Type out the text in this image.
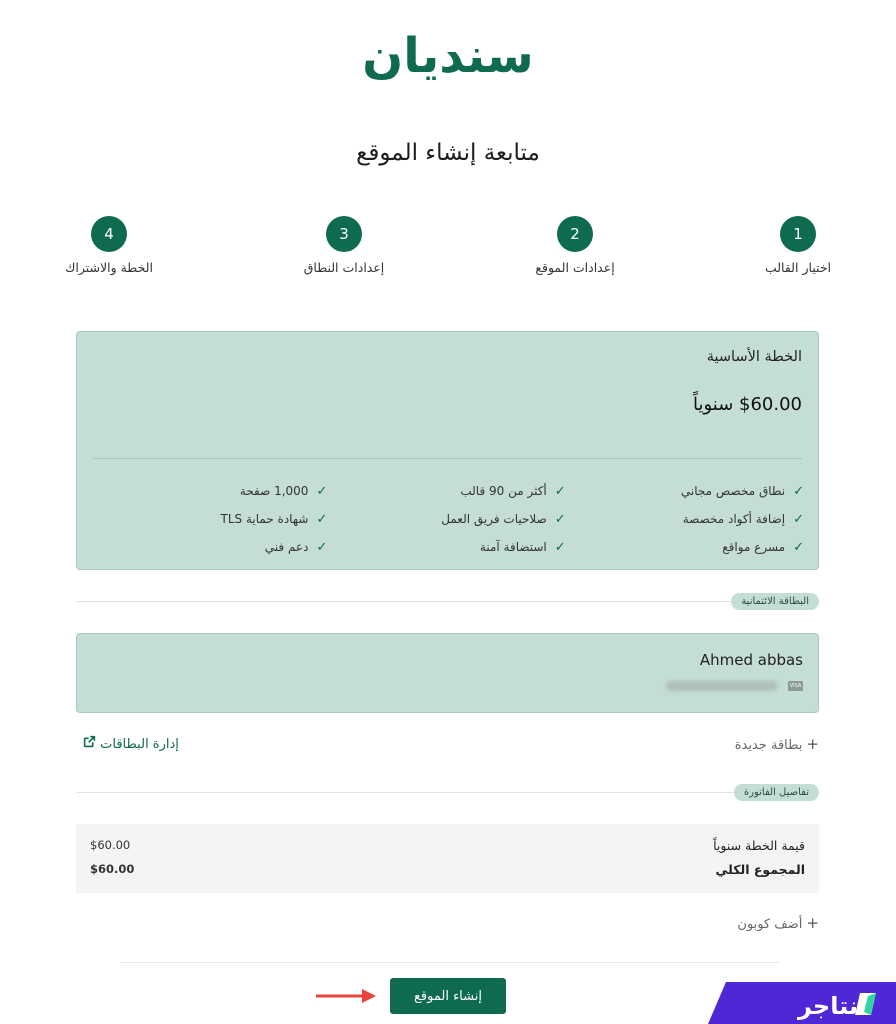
سنديان
متابعة إنشاء الموقع
1
اختيار القالب
2
إعدادات الموقع
3
إعدادات النطاق
4
الخطة والاشتراك
الخطة الأساسية
$60.00 سنوياً
✓نطاق مخصص مجاني
✓أكثر من 90 قالب
✓1,000 صفحة
✓إضافة أكواد مخصصة
✓صلاحيات فريق العمل
✓شهادة حماية TLS
✓مسرع مواقع
✓استضافة آمنة
✓دعم فني
البطاقة الائتمانية
Ahmed abbas
VISA
إدارة البطاقات	+بطاقة جديدة
تفاصيل الفاتورة
قيمة الخطة سنوياً
$60.00
المجموع الكلي
$60.00
+أضف كوبون
إنشاء الموقع	نتاجر
